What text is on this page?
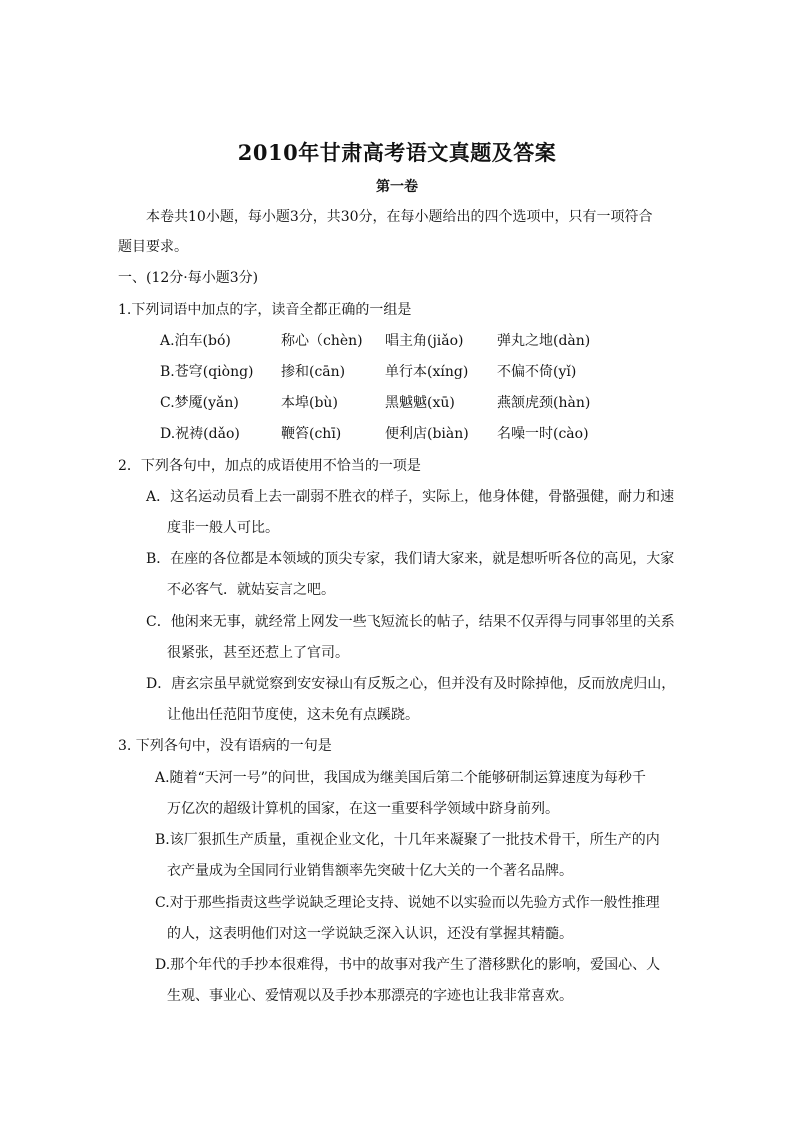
2010年甘肃高考语文真题及答案
第一卷
本卷共10小题，每小题3分，共30分，在每小题给出的四个选项中，只有一项符合
题目要求。
一、(12分·每小题3分)
1.下列词语中加点的字，读音全都正确的一组是
A.泊车(bó)	称心（chèn) 唱主角(jiǎo) 弹丸之地(dàn)
B.苍穹(qiòng) 掺和(cān)	单行本(xíng) 不偏不倚(yǐ)
C.梦魇(yǎn)	本埠(bù)	黑魆魆(xū)	燕颔虎颈(hàn)
D.祝祷(dǎo)	鞭笞(chī)	便利店(biàn) 名噪一时(cào)
2．下列各句中，加点的成语使用不恰当的一项是
A．这名运动员看上去一副弱不胜衣的样子，实际上，他身体健，骨骼强健，耐力和速
度非一般人可比。
B．在座的各位都是本领域的顶尖专家，我们请大家来，就是想听听各位的高见，大家
不必客气．就姑妄言之吧。
C．他闲来无事，就经常上网发一些飞短流长的帖子，结果不仅弄得与同事邻里的关系
很紧张，甚至还惹上了官司。
D．唐玄宗虽早就觉察到安安禄山有反叛之心，但并没有及时除掉他，反而放虎归山，
让他出任范阳节度使，这未免有点蹊跷。
3. 下列各句中，没有语病的一句是
A.随着“天河一号”的问世，我国成为继美国后第二个能够研制运算速度为每秒千
万亿次的超级计算机的国家，在这一重要科学领域中跻身前列。
B.该厂狠抓生产质量，重视企业文化，十几年来凝聚了一批技术骨干，所生产的内
衣产量成为全国同行业销售额率先突破十亿大关的一个著名品牌。
C.对于那些指责这些学说缺乏理论支持、说她不以实验而以先验方式作一般性推理
的人，这表明他们对这一学说缺乏深入认识，还没有掌握其精髓。
D.那个年代的手抄本很难得，书中的故事对我产生了潜移默化的影响，爱国心、人
生观、事业心、爱情观以及手抄本那漂亮的字迹也让我非常喜欢。
